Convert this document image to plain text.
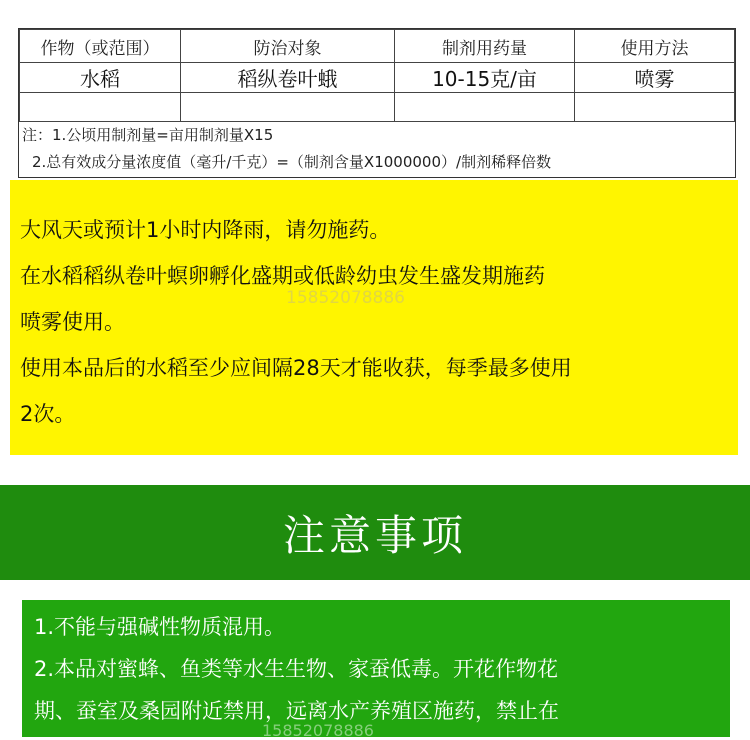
作物（或范围）	防治对象	制剂用药量	使用方法
水稻	稻纵卷叶蛾	10-15克/亩	喷雾

注：1.公顷用制剂量=亩用制剂量X15
2.总有效成分量浓度值（毫升/千克）=（制剂含量X1000000）/制剂稀释倍数

大风天或预计1小时内降雨，请勿施药。

在水稻稻纵卷叶螟卵孵化盛期或低龄幼虫发生盛发期施药

喷雾使用。

使用本品后的水稻至少应间隔28天才能收获，每季最多使用

2次。

注意事项

1.不能与强碱性物质混用。

2.本品对蜜蜂、鱼类等水生生物、家蚕低毒。开花作物花

期、蚕室及桑园附近禁用，远离水产养殖区施药，禁止在

15852078886
15852078886
